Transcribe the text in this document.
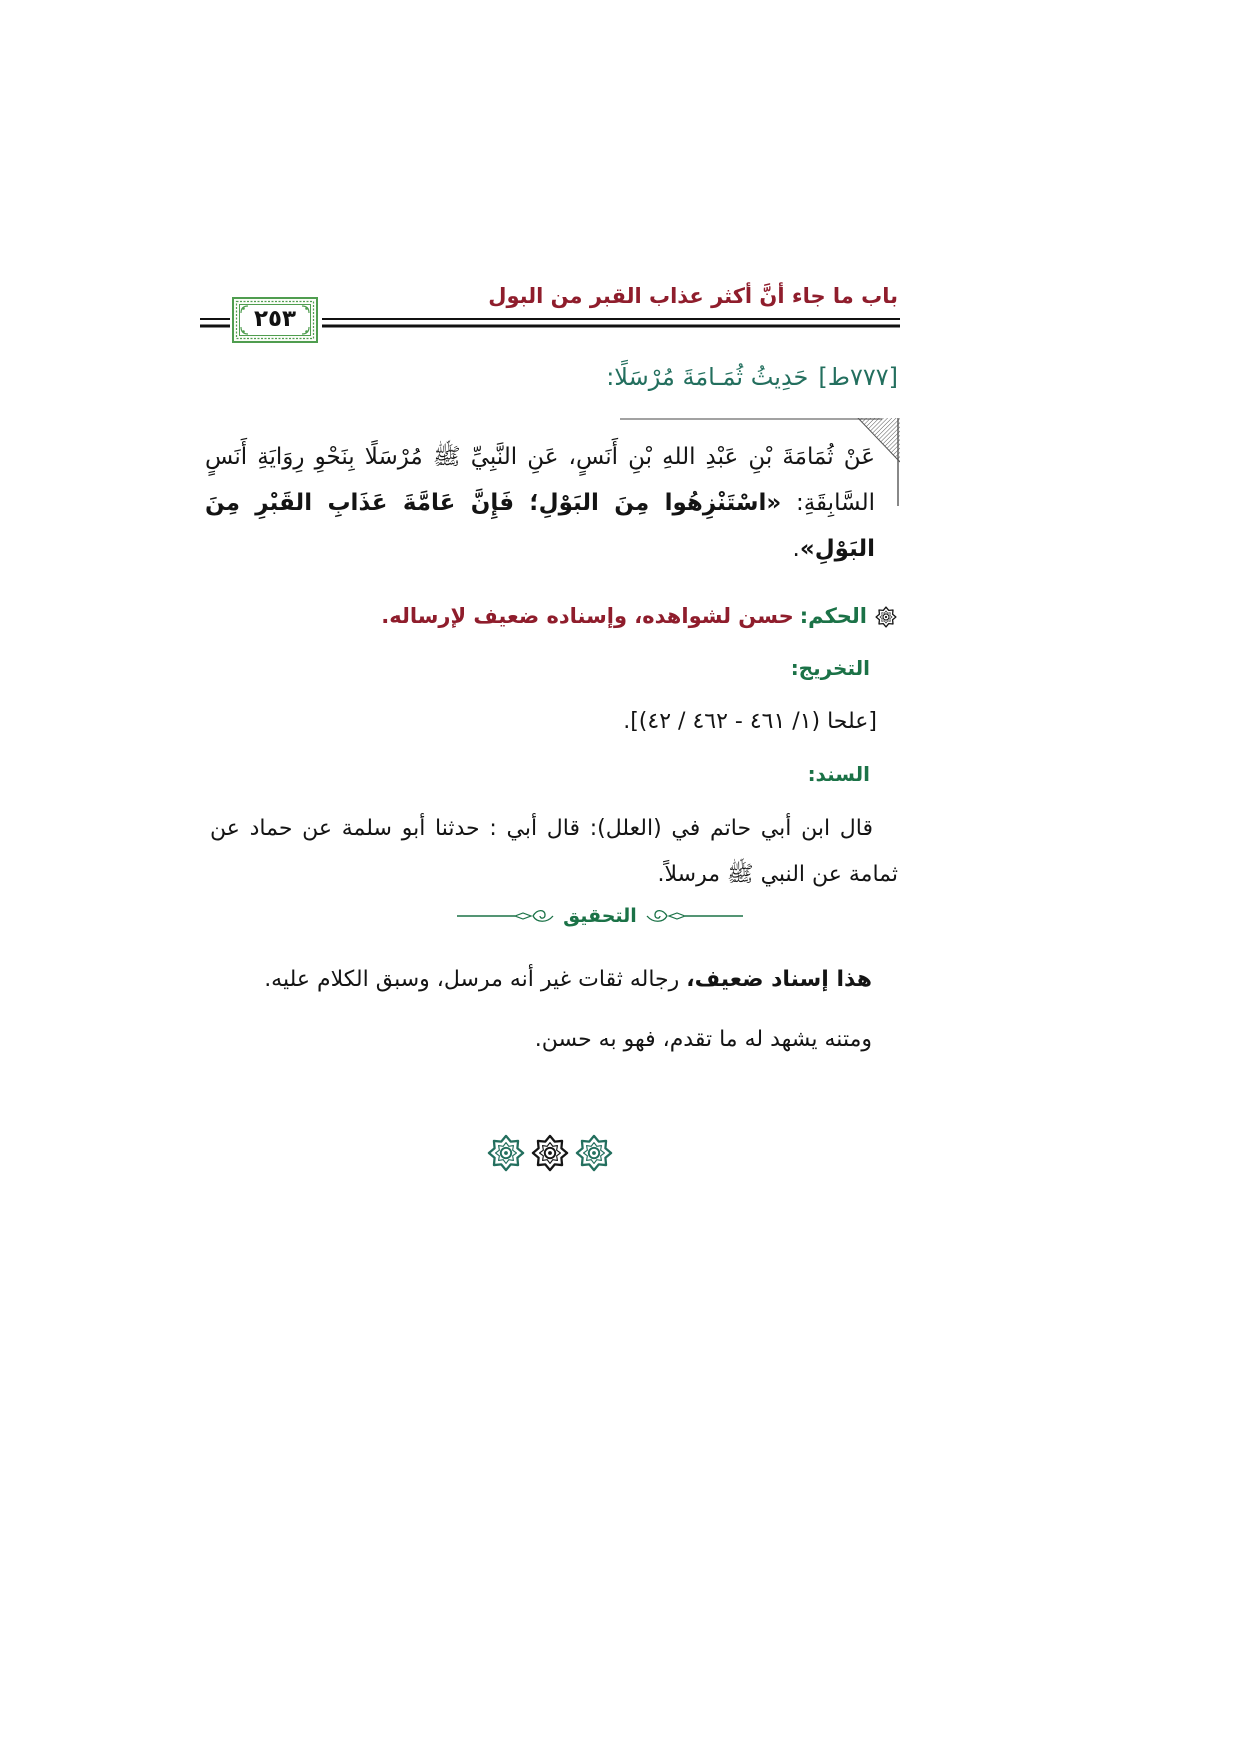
باب ما جاء أنَّ أكثر عذاب القبر من البول
٢٥٣
[٧٧٧ط]حَدِيثُ ثُمَـامَةَ مُرْسَلًا:
عَنْ ثُمَامَةَ بْنِ عَبْدِ اللهِ بْنِ أَنَسٍ، عَنِ النَّبِيِّ ﷺ مُرْسَلًا بِنَحْوِ رِوَايَةِ أَنَسٍ السَّابِقَةِ: «اسْتَنْزِهُوا مِنَ البَوْلِ؛ فَإِنَّ عَامَّةَ عَذَابِ القَبْرِ مِنَ البَوْلِ».
الحكم:حسن لشواهده، وإسناده ضعيف لإرساله.
التخريج:
[علحا (١/ ٤٦١ - ٤٦٢ / ٤٢)].
السند:
قال ابن أبي حاتم في (العلل): قال أبي : حدثنا أبو سلمة عن حماد عن ثمامة عن النبي ﷺ مرسلاً.
التحقيق
هذا إسناد ضعيف، رجاله ثقات غير أنه مرسل، وسبق الكلام عليه.
ومتنه يشهد له ما تقدم، فهو به حسن.
